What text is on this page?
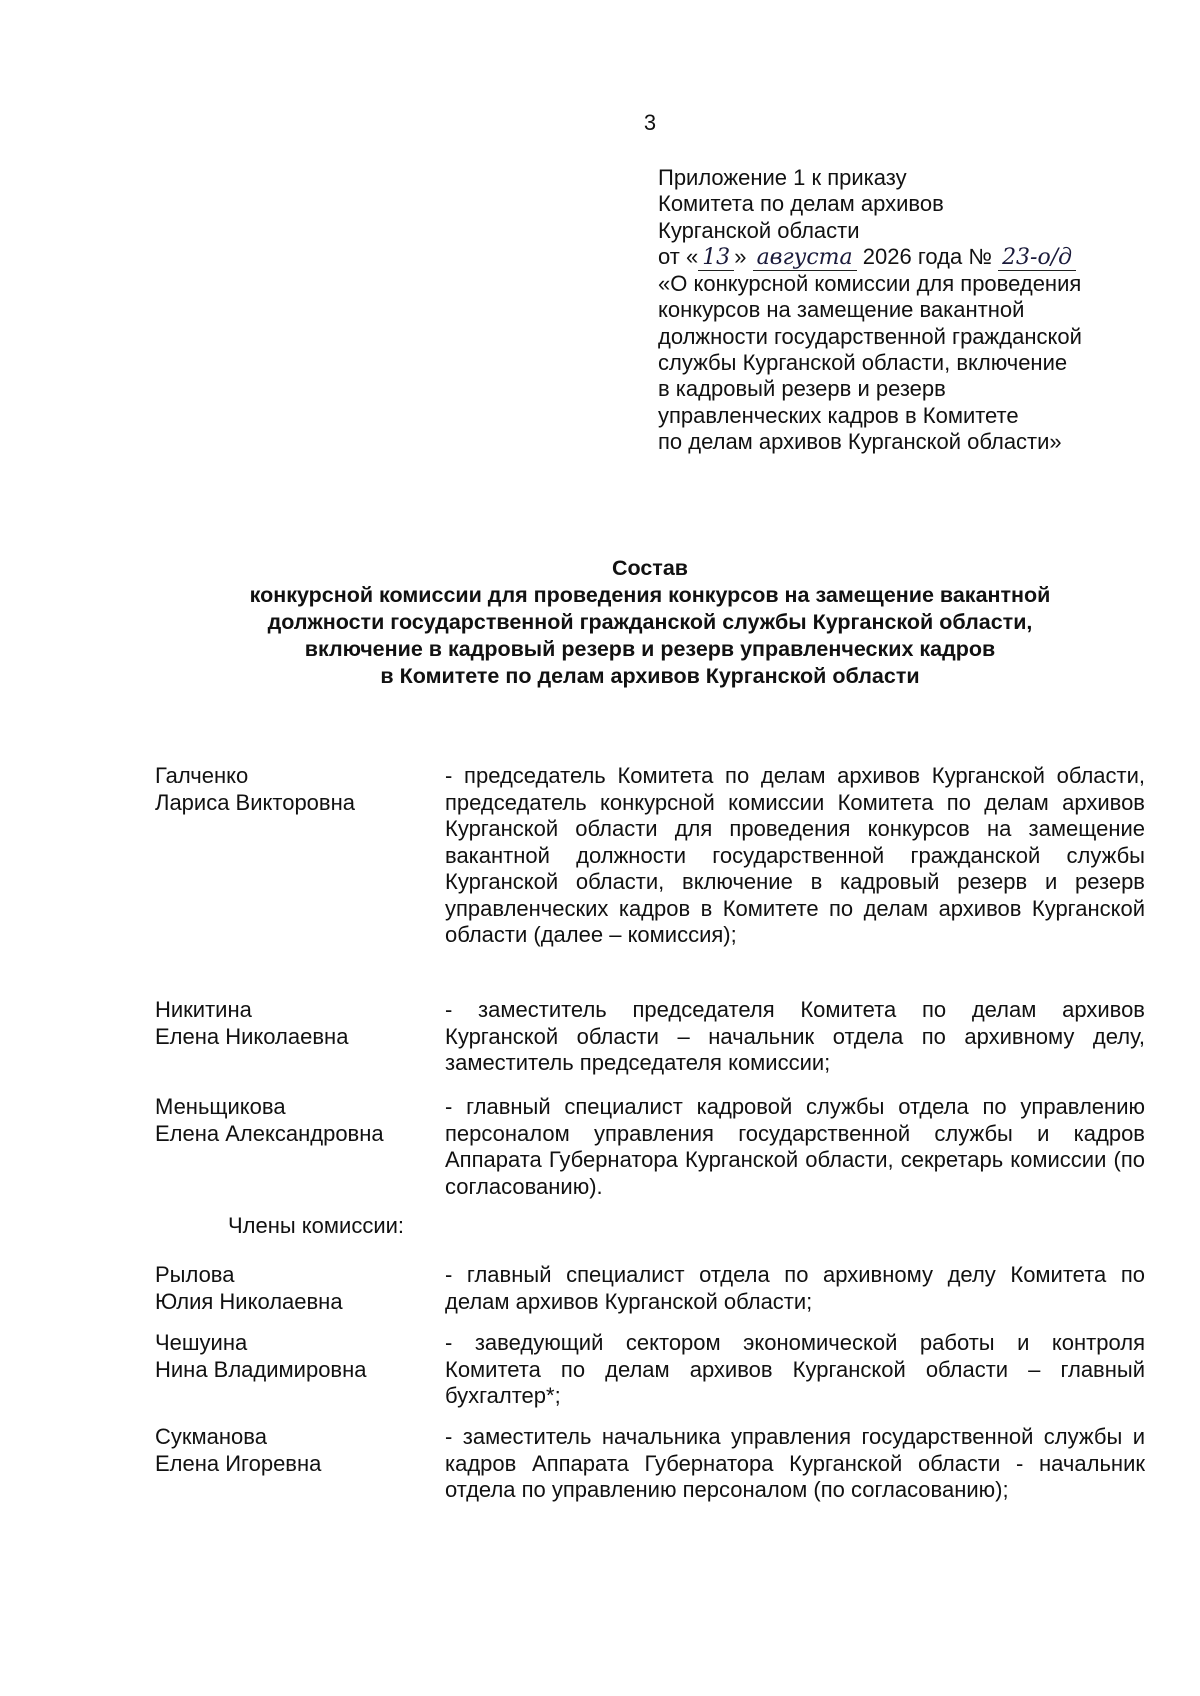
3
Приложение 1 к приказу
Комитета по делам архивов
Курганской области
от « 13 » августа 2026 года № 23-о/д
«О конкурсной комиссии для проведения
конкурсов на замещение вакантной
должности государственной гражданской
службы Курганской области, включение
в кадровый резерв и резерв
управленческих кадров в Комитете
по делам архивов Курганской области»
Состав
конкурсной комиссии для проведения конкурсов на замещение вакантной
должности государственной гражданской службы Курганской области,
включение в кадровый резерв и резерв управленческих кадров
в Комитете по делам архивов Курганской области
Галченко
Лариса Викторовна
- председатель Комитета по делам архивов Курганской области, председатель конкурсной комиссии Комитета по делам архивов Курганской области для проведения конкурсов на замещение вакантной должности государственной гражданской службы Курганской области, включение в кадровый резерв и резерв управленческих кадров в Комитете по делам архивов Курганской области (далее – комиссия);
Никитина
Елена Николаевна
- заместитель председателя Комитета по делам архивов Курганской области – начальник отдела по архивному делу, заместитель председателя комиссии;
Меньщикова
Елена Александровна
- главный специалист кадровой службы отдела по управлению персоналом управления государственной службы и кадров Аппарата Губернатора Курганской области, секретарь комиссии (по согласованию).
Члены комиссии:
Рылова
Юлия Николаевна
- главный специалист отдела по архивному делу Комитета по делам архивов Курганской области;
Чешуина
Нина Владимировна
- заведующий сектором экономической работы и контроля Комитета по делам архивов Курганской области – главный бухгалтер*;
Сукманова
Елена Игоревна
- заместитель начальника управления государственной службы и кадров Аппарата Губернатора Курганской области - начальник отдела по управлению персоналом (по согласованию);
